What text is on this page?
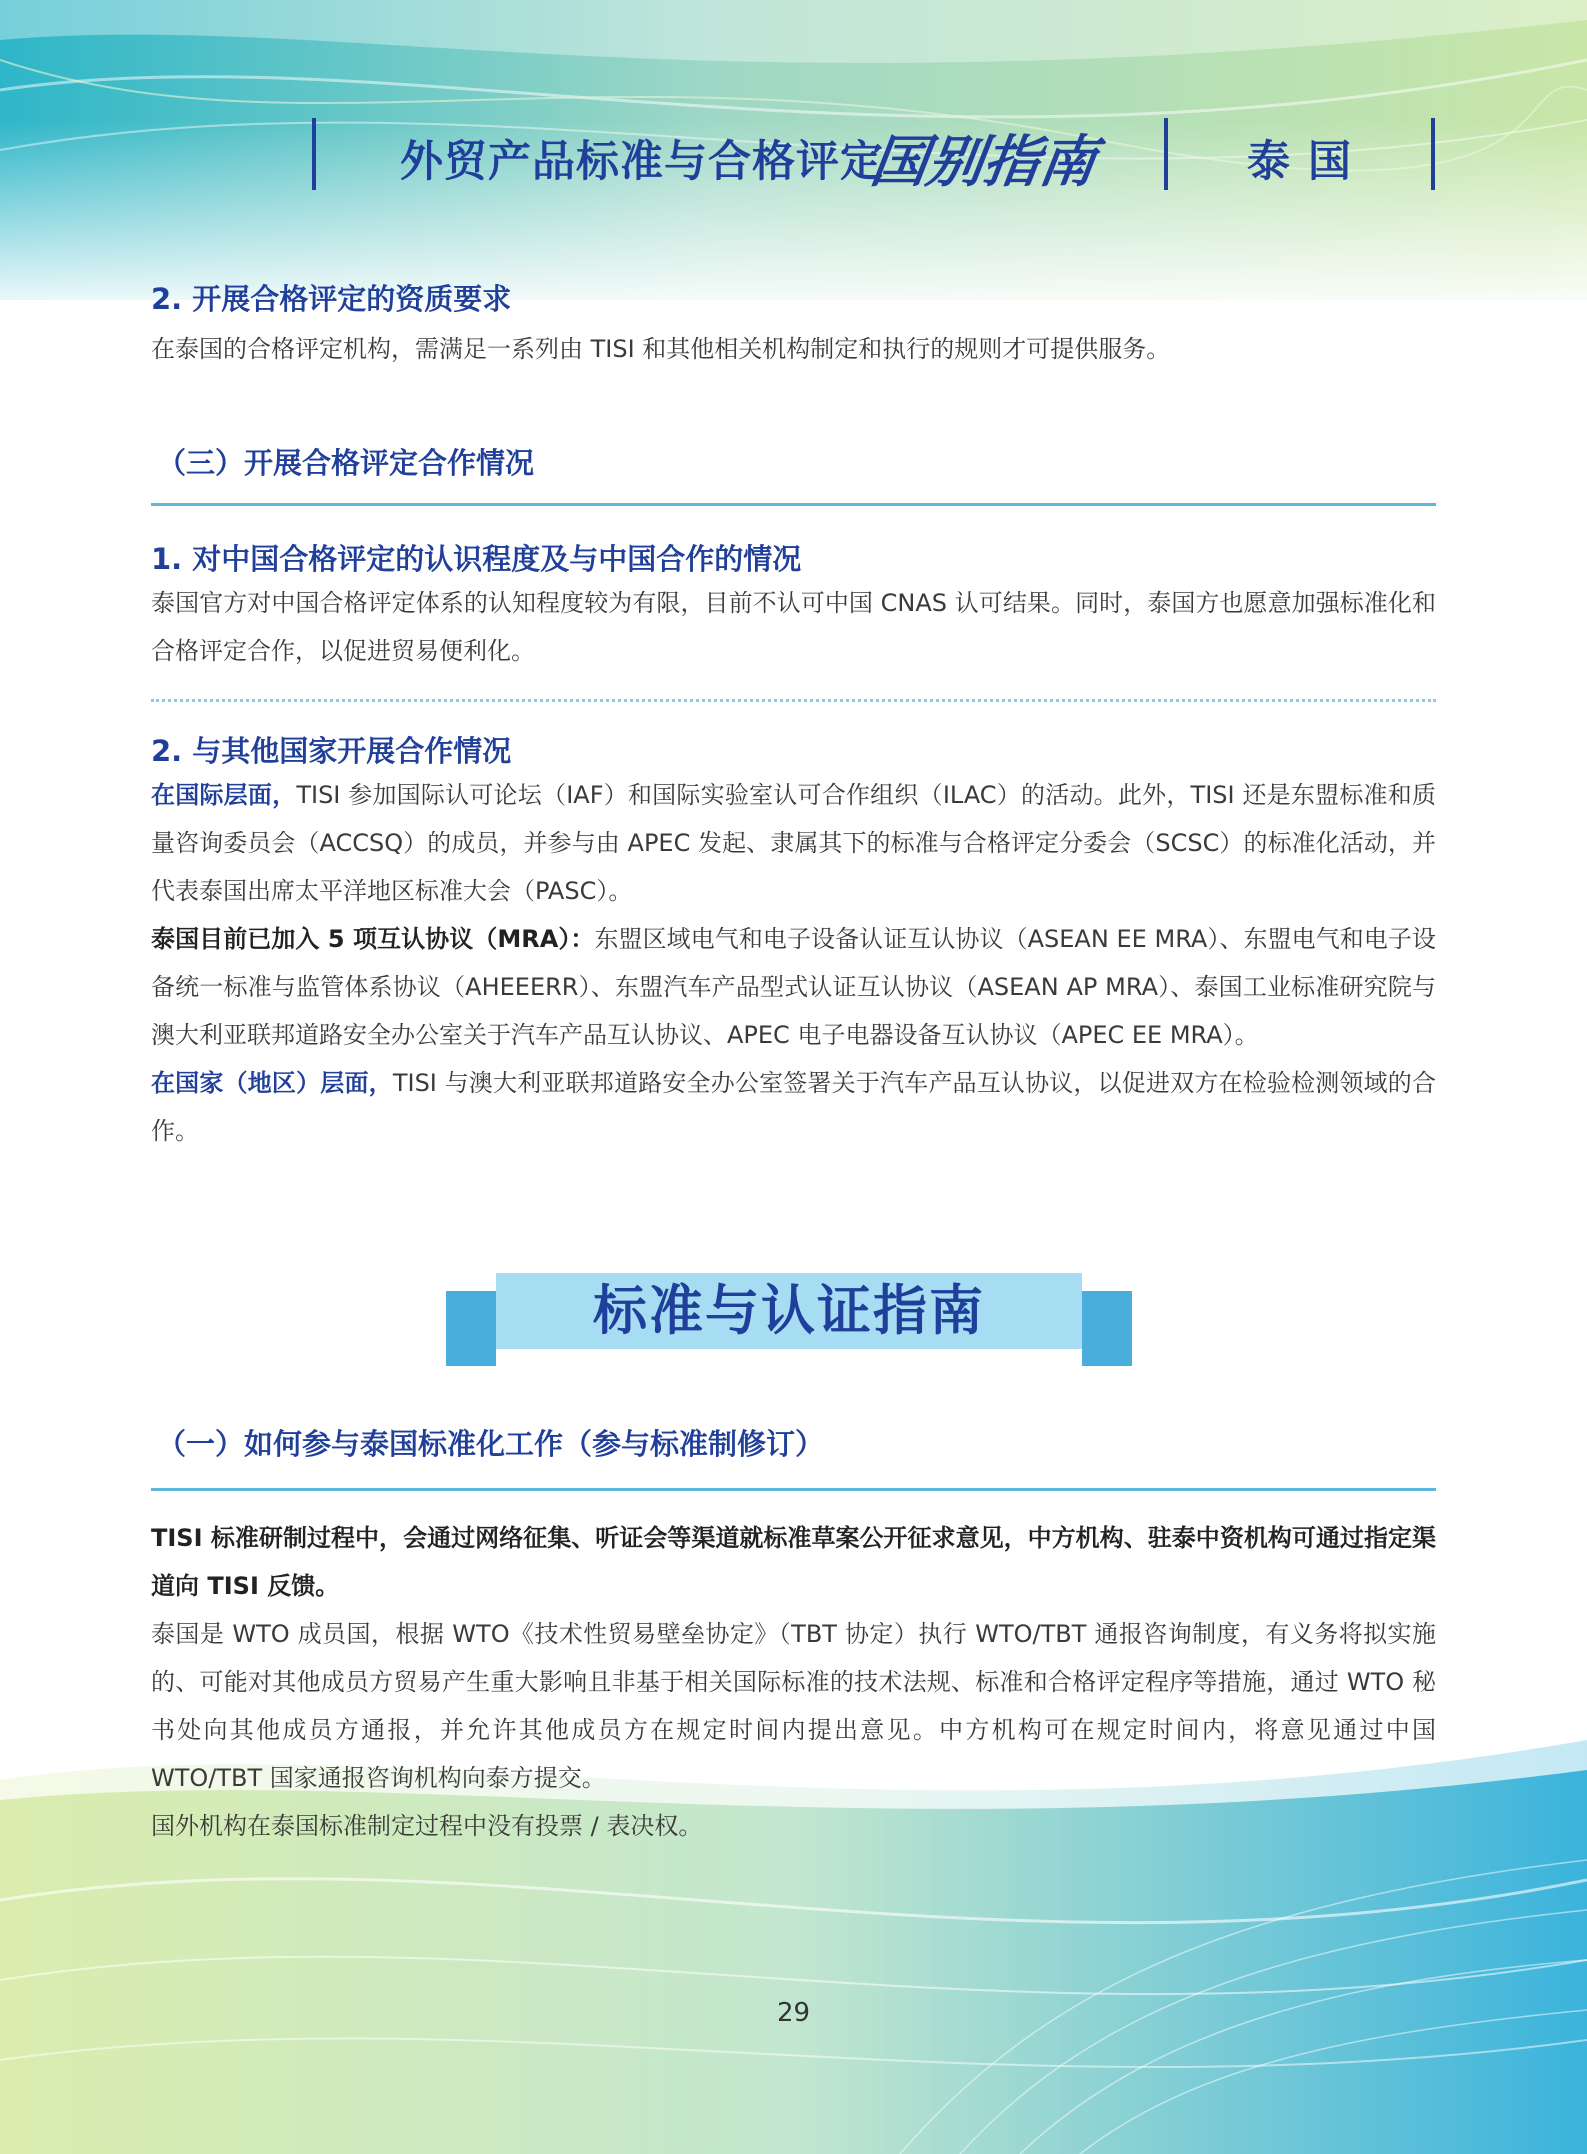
外贸产品标准与合格评定
国别指南	泰国
2. 开展合格评定的资质要求
在泰国的合格评定机构，需满足一系列由 TISI 和其他相关机构制定和执行的规则才可提供服务。
（三）开展合格评定合作情况
1. 对中国合格评定的认识程度及与中国合作的情况
泰国官方对中国合格评定体系的认知程度较为有限，目前不认可中国 CNAS 认可结果。同时，泰国方也愿意加强标准化和合格评定合作，以促进贸易便利化。
2. 与其他国家开展合作情况
在国际层面，TISI 参加国际认可论坛（IAF）和国际实验室认可合作组织（ILAC）的活动。此外，TISI 还是东盟标准和质量咨询委员会（ACCSQ）的成员，并参与由 APEC 发起、隶属其下的标准与合格评定分委会（SCSC）的标准化活动，并代表泰国出席太平洋地区标准大会（PASC）。
泰国目前已加入 5 项互认协议（MRA）：东盟区域电气和电子设备认证互认协议（ASEAN EE MRA）、东盟电气和电子设备统一标准与监管体系协议（AHEEERR）、东盟汽车产品型式认证互认协议（ASEAN AP MRA）、泰国工业标准研究院与澳大利亚联邦道路安全办公室关于汽车产品互认协议、APEC 电子电器设备互认协议（APEC EE MRA）。
在国家（地区）层面，TISI 与澳大利亚联邦道路安全办公室签署关于汽车产品互认协议，以促进双方在检验检测领域的合作。
标准与认证指南
（一）如何参与泰国标准化工作（参与标准制修订）
TISI 标准研制过程中，会通过网络征集、听证会等渠道就标准草案公开征求意见，中方机构、驻泰中资机构可通过指定渠道向 TISI 反馈。
泰国是 WTO 成员国，根据 WTO《技术性贸易壁垒协定》（TBT 协定）执行 WTO/TBT 通报咨询制度，有义务将拟实施的、可能对其他成员方贸易产生重大影响且非基于相关国际标准的技术法规、标准和合格评定程序等措施，通过 WTO 秘书处向其他成员方通报，并允许其他成员方在规定时间内提出意见。中方机构可在规定时间内，将意见通过中国 WTO/TBT 国家通报咨询机构向泰方提交。
国外机构在泰国标准制定过程中没有投票 / 表决权。
29
